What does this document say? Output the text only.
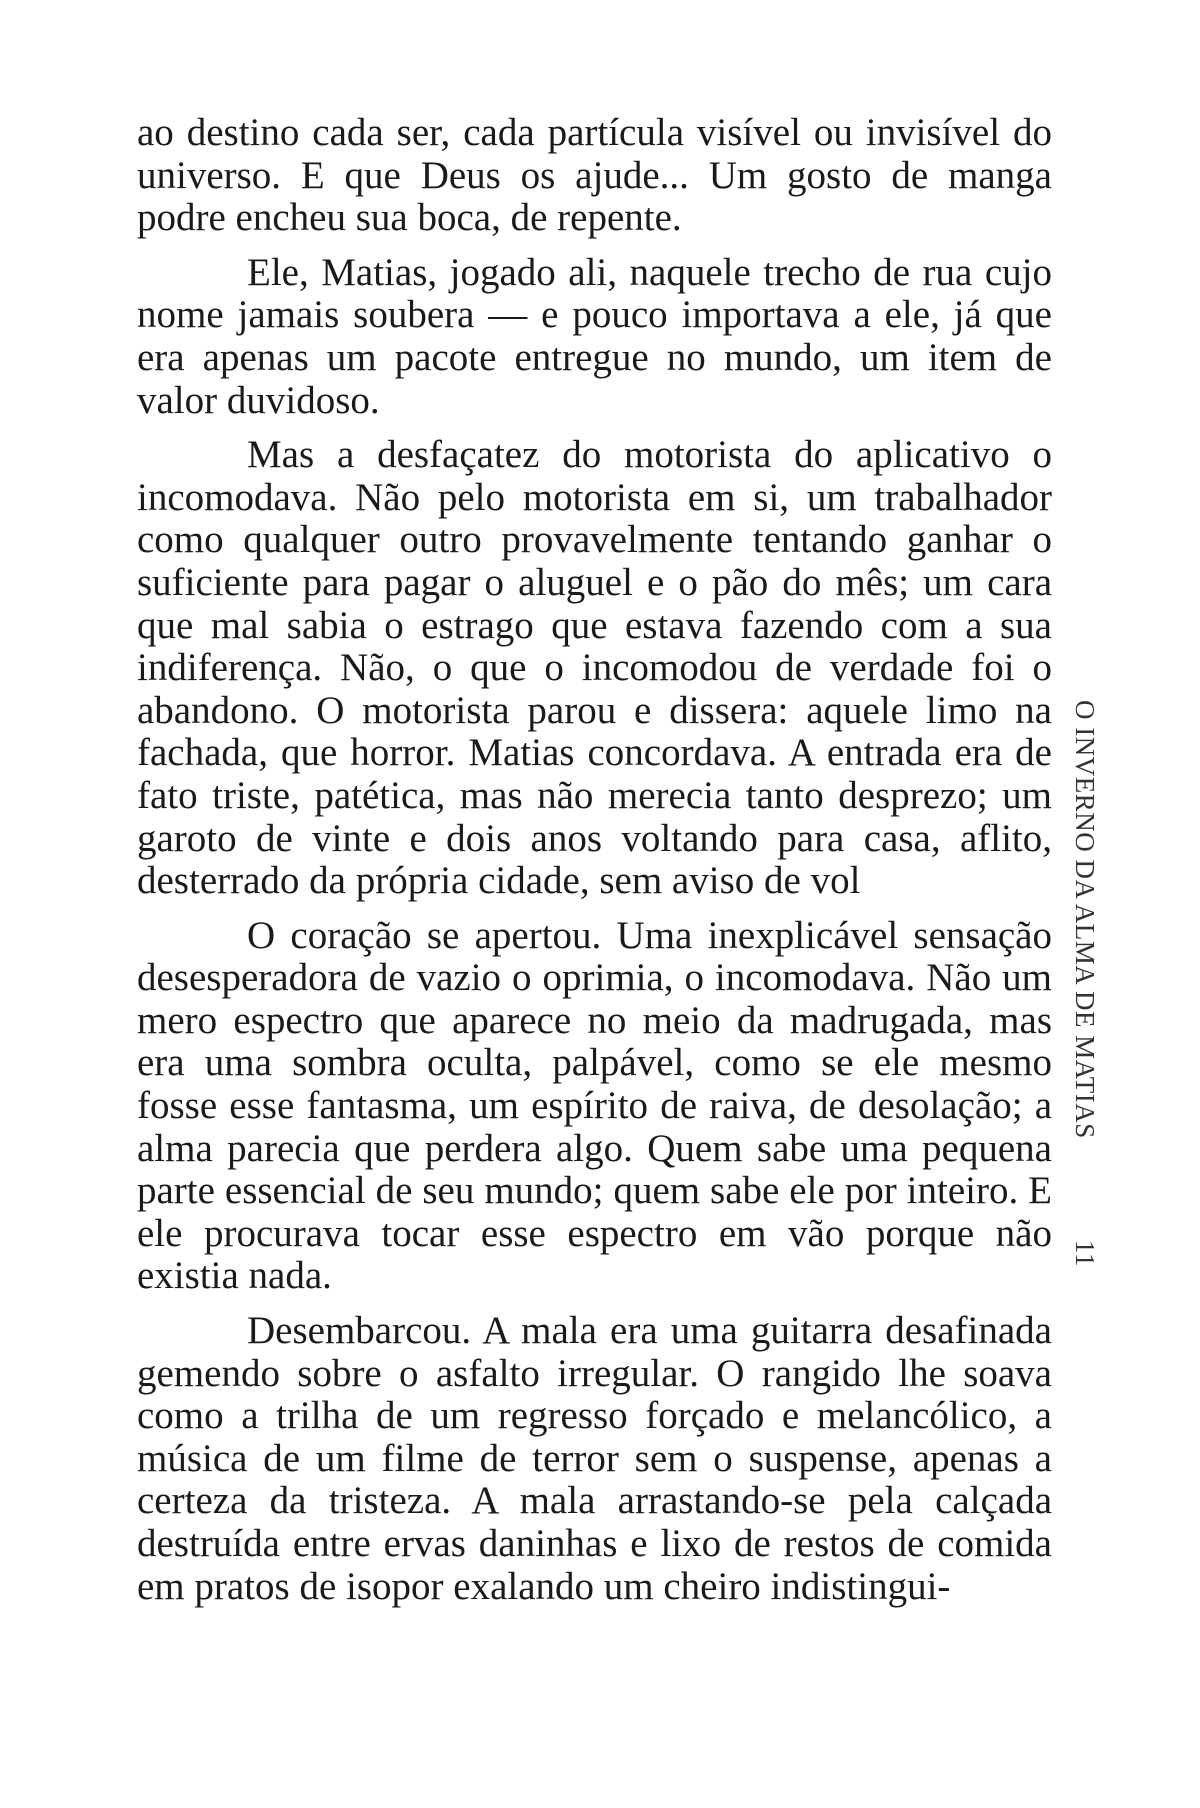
ao destino cada ser, cada partícula visível ou invisível do universo. E que Deus os ajude... Um gosto de manga podre encheu sua boca, de repente.

Ele, Matias, jogado ali, naquele trecho de rua cujo nome jamais soubera — e pouco importava a ele, já que era apenas um pacote entregue no mundo, um item de valor duvidoso.

Mas a desfaçatez do motorista do aplicativo o incomodava. Não pelo motorista em si, um trabalhador como qualquer outro provavelmente tentando ganhar o suficiente para pagar o aluguel e o pão do mês; um cara que mal sabia o estrago que estava fazendo com a sua indiferença. Não, o que o incomodou de verdade foi o abandono. O motorista parou e dissera: aquele limo na fachada, que horror. Matias concordava. A entrada era de fato triste, patética, mas não merecia tanto desprezo; um garoto de vinte e dois anos voltando para casa, aflito, desterrado da própria cidade, sem aviso de vol

O coração se apertou. Uma inexplicável sensação desesperadora de vazio o oprimia, o incomodava. Não um mero espectro que aparece no meio da madrugada, mas era uma sombra oculta, palpável, como se ele mesmo fosse esse fantasma, um espírito de raiva, de desolação; a alma parecia que perdera algo. Quem sabe uma pequena parte essencial de seu mundo; quem sabe ele por inteiro. E ele procurava tocar esse espectro em vão porque não existia nada.

Desembarcou. A mala era uma guitarra desafinada gemendo sobre o asfalto irregular. O rangido lhe soava como a trilha de um regresso forçado e melancólico, a música de um filme de terror sem o suspense, apenas a certeza da tristeza. A mala arrastando-se pela calçada destruída entre ervas daninhas e lixo de restos de comida em pratos de isopor exalando um cheiro indistingui-

O INVERNO DA ALMA DE MATIAS 11
